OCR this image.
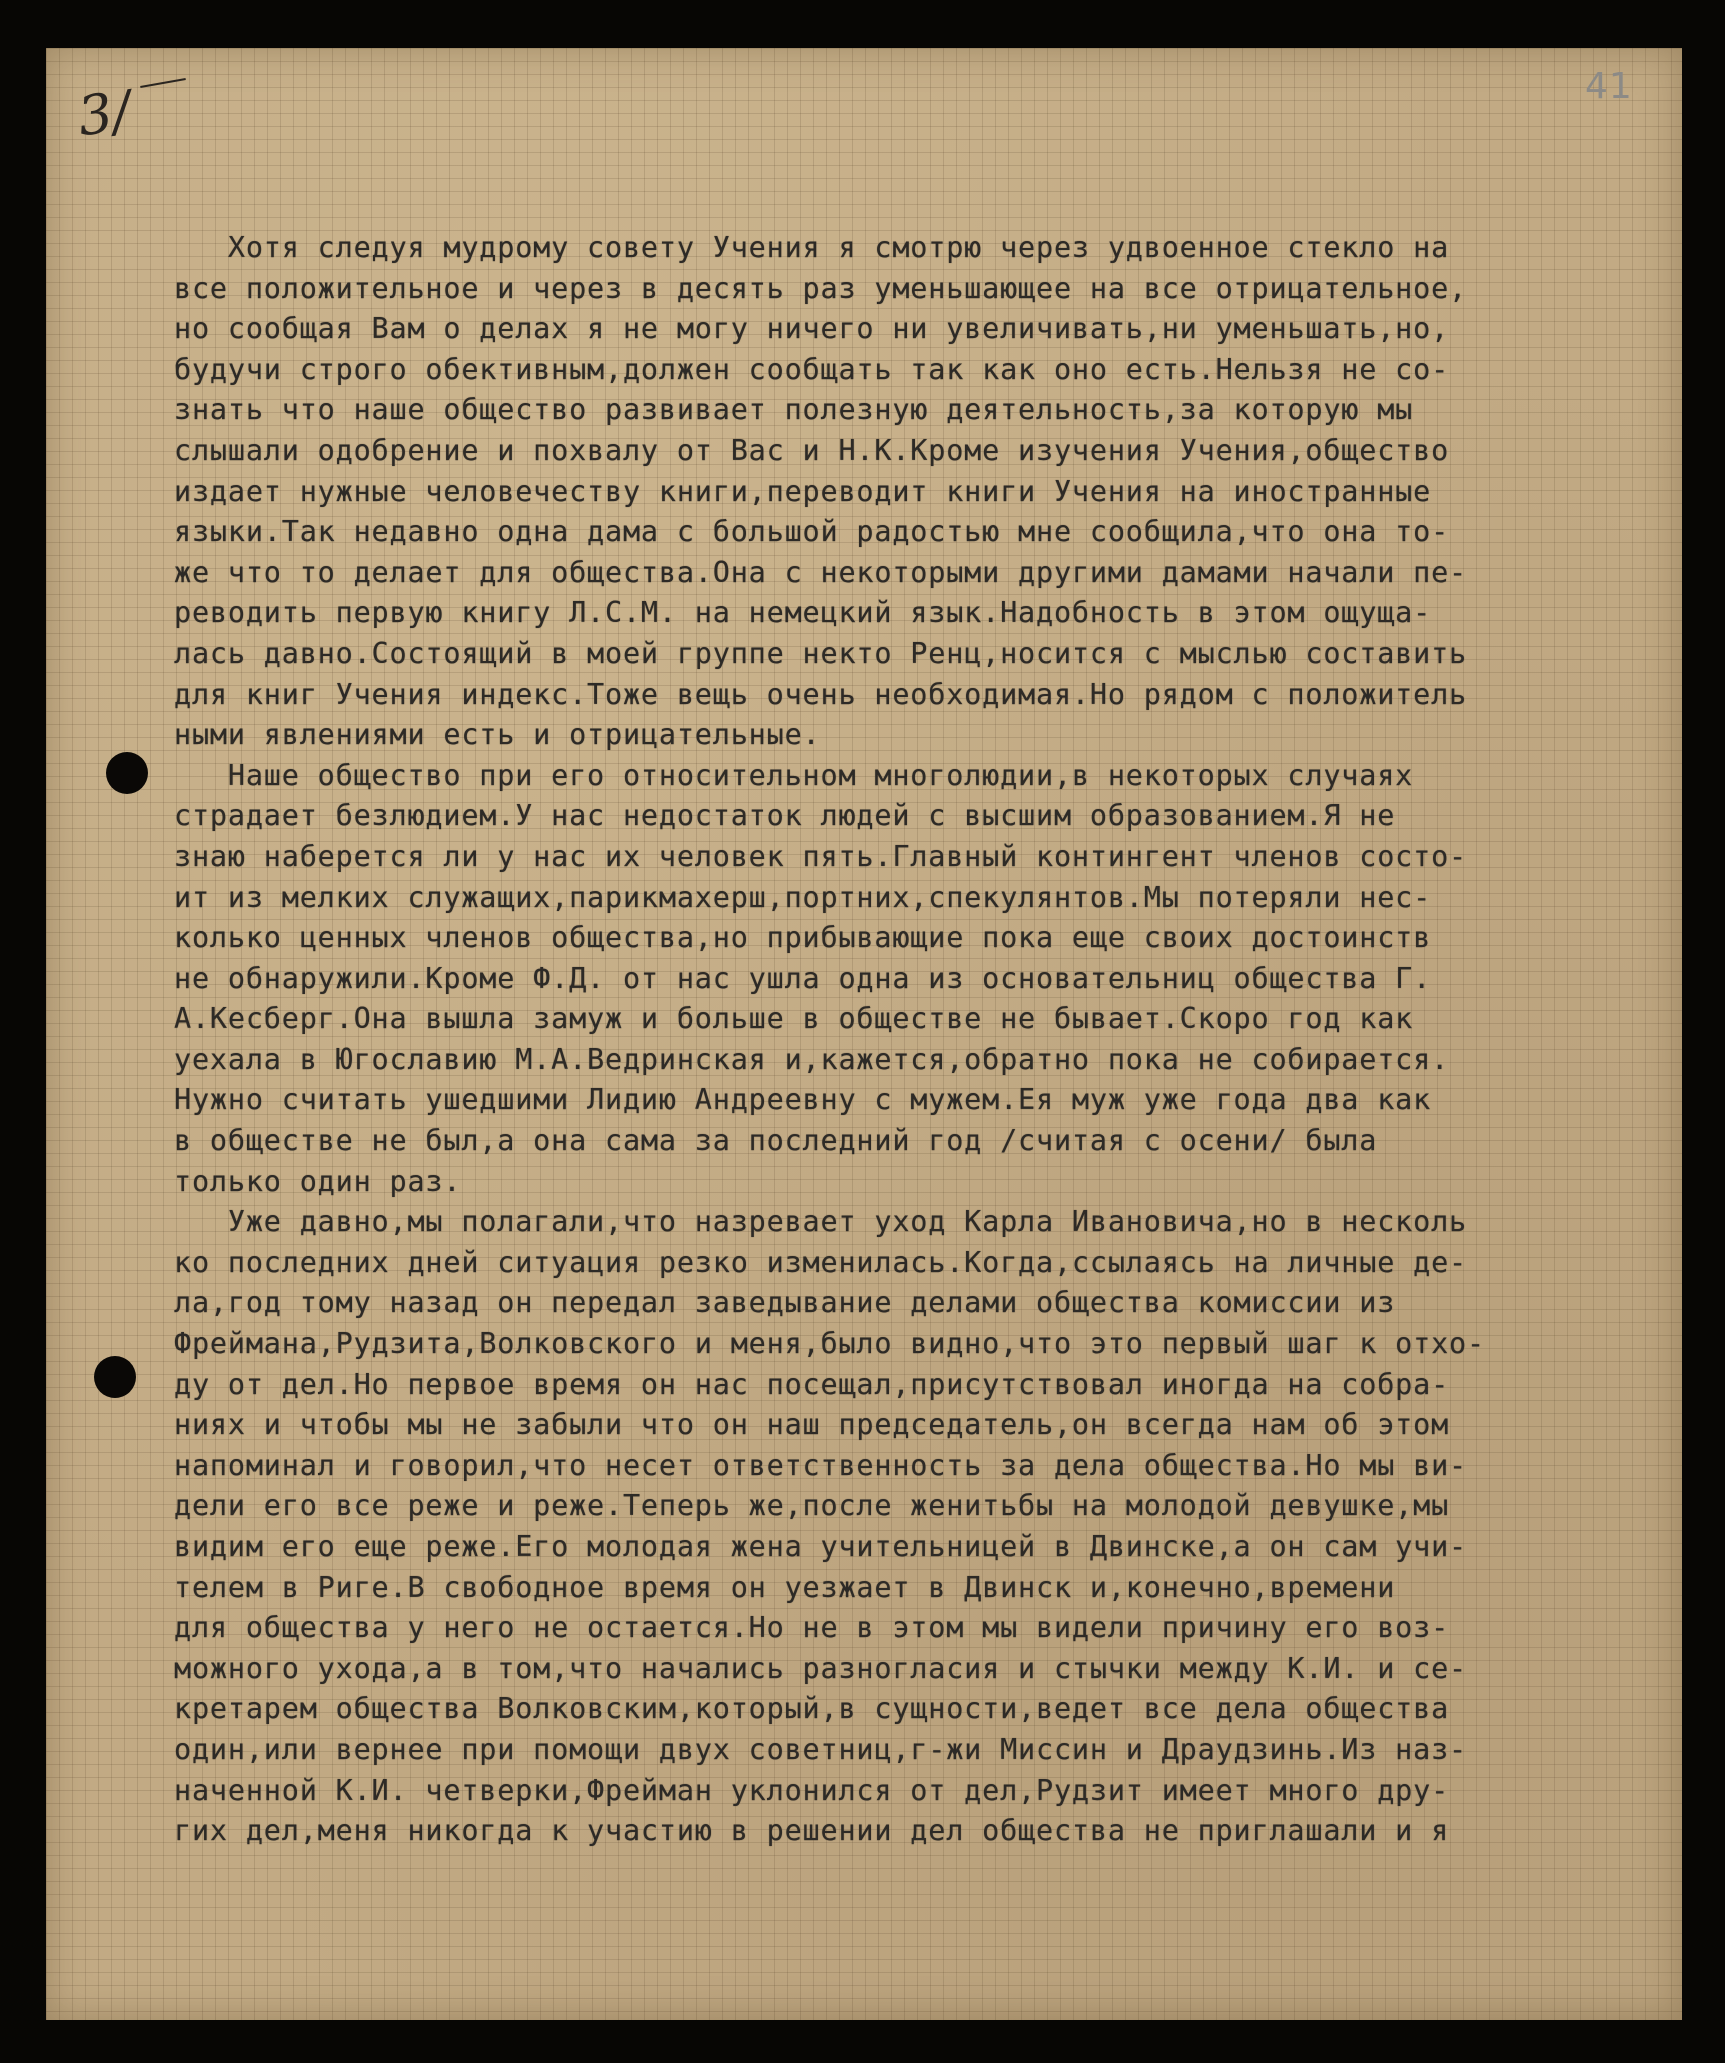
3/	41
Хотя следуя мудрому совету Учения я смотрю через удвоенное стекло на
все положительное и через в десять раз уменьшающее на все отрицательное,
но сообщая Вам о делах я не могу ничего ни увеличивать,ни уменьшать,но,
будучи строго обективным,должен сообщать так как оно есть.Нельзя не со-
знать что наше общество развивает полезную деятельность,за которую мы
слышали одобрение и похвалу от Вас и Н.К.Кроме изучения Учения,общество
издает нужные человечеству книги,переводит книги Учения на иностранные
языки.Так недавно одна дама с большой радостью мне сообщила,что она то-
же что то делает для общества.Она с некоторыми другими дамами начали пе-
реводить первую книгу Л.С.М. на немецкий язык.Надобность в этом ощуща-
лась давно.Состоящий в моей группе некто Ренц,носится с мыслью составить
для книг Учения индекс.Тоже вещь очень необходимая.Но рядом с положитель
ными явлениями есть и отрицательные.
Наше общество при его относительном многолюдии,в некоторых случаях
страдает безлюдием.У нас недостаток людей с высшим образованием.Я не
знаю наберется ли у нас их человек пять.Главный контингент членов состо-
ит из мелких служащих,парикмахерш,портних,спекулянтов.Мы потеряли нес-
колько ценных членов общества,но прибывающие пока еще своих достоинств
не обнаружили.Кроме Ф.Д. от нас ушла одна из основательниц общества Г.
А.Кесберг.Она вышла замуж и больше в обществе не бывает.Скоро год как
уехала в Югославию М.А.Ведринская и,кажется,обратно пока не собирается.
Нужно считать ушедшими Лидию Андреевну с мужем.Ея муж уже года два как
в обществе не был,а она сама за последний год /считая с осени/ была
только один раз.
Уже давно,мы полагали,что назревает уход Карла Ивановича,но в несколь
ко последних дней ситуация резко изменилась.Когда,ссылаясь на личные де-
ла,год тому назад он передал заведывание делами общества комиссии из
Фреймана,Рудзита,Волковского и меня,было видно,что это первый шаг к отхо-
ду от дел.Но первое время он нас посещал,присутствовал иногда на собра-
ниях и чтобы мы не забыли что он наш председатель,он всегда нам об этом
напоминал и говорил,что несет ответственность за дела общества.Но мы ви-
дели его все реже и реже.Теперь же,после женитьбы на молодой девушке,мы
видим его еще реже.Его молодая жена учительницей в Двинске,а он сам учи-
телем в Риге.В свободное время он уезжает в Двинск и,конечно,времени
для общества у него не остается.Но не в этом мы видели причину его воз-
можного ухода,а в том,что начались разногласия и стычки между К.И. и се-
кретарем общества Волковским,который,в сущности,ведет все дела общества
один,или вернее при помощи двух советниц,г-жи Миссин и Драудзинь.Из наз-
наченной К.И. четверки,Фрейман уклонился от дел,Рудзит имеет много дру-
гих дел,меня никогда к участию в решении дел общества не приглашали и я
